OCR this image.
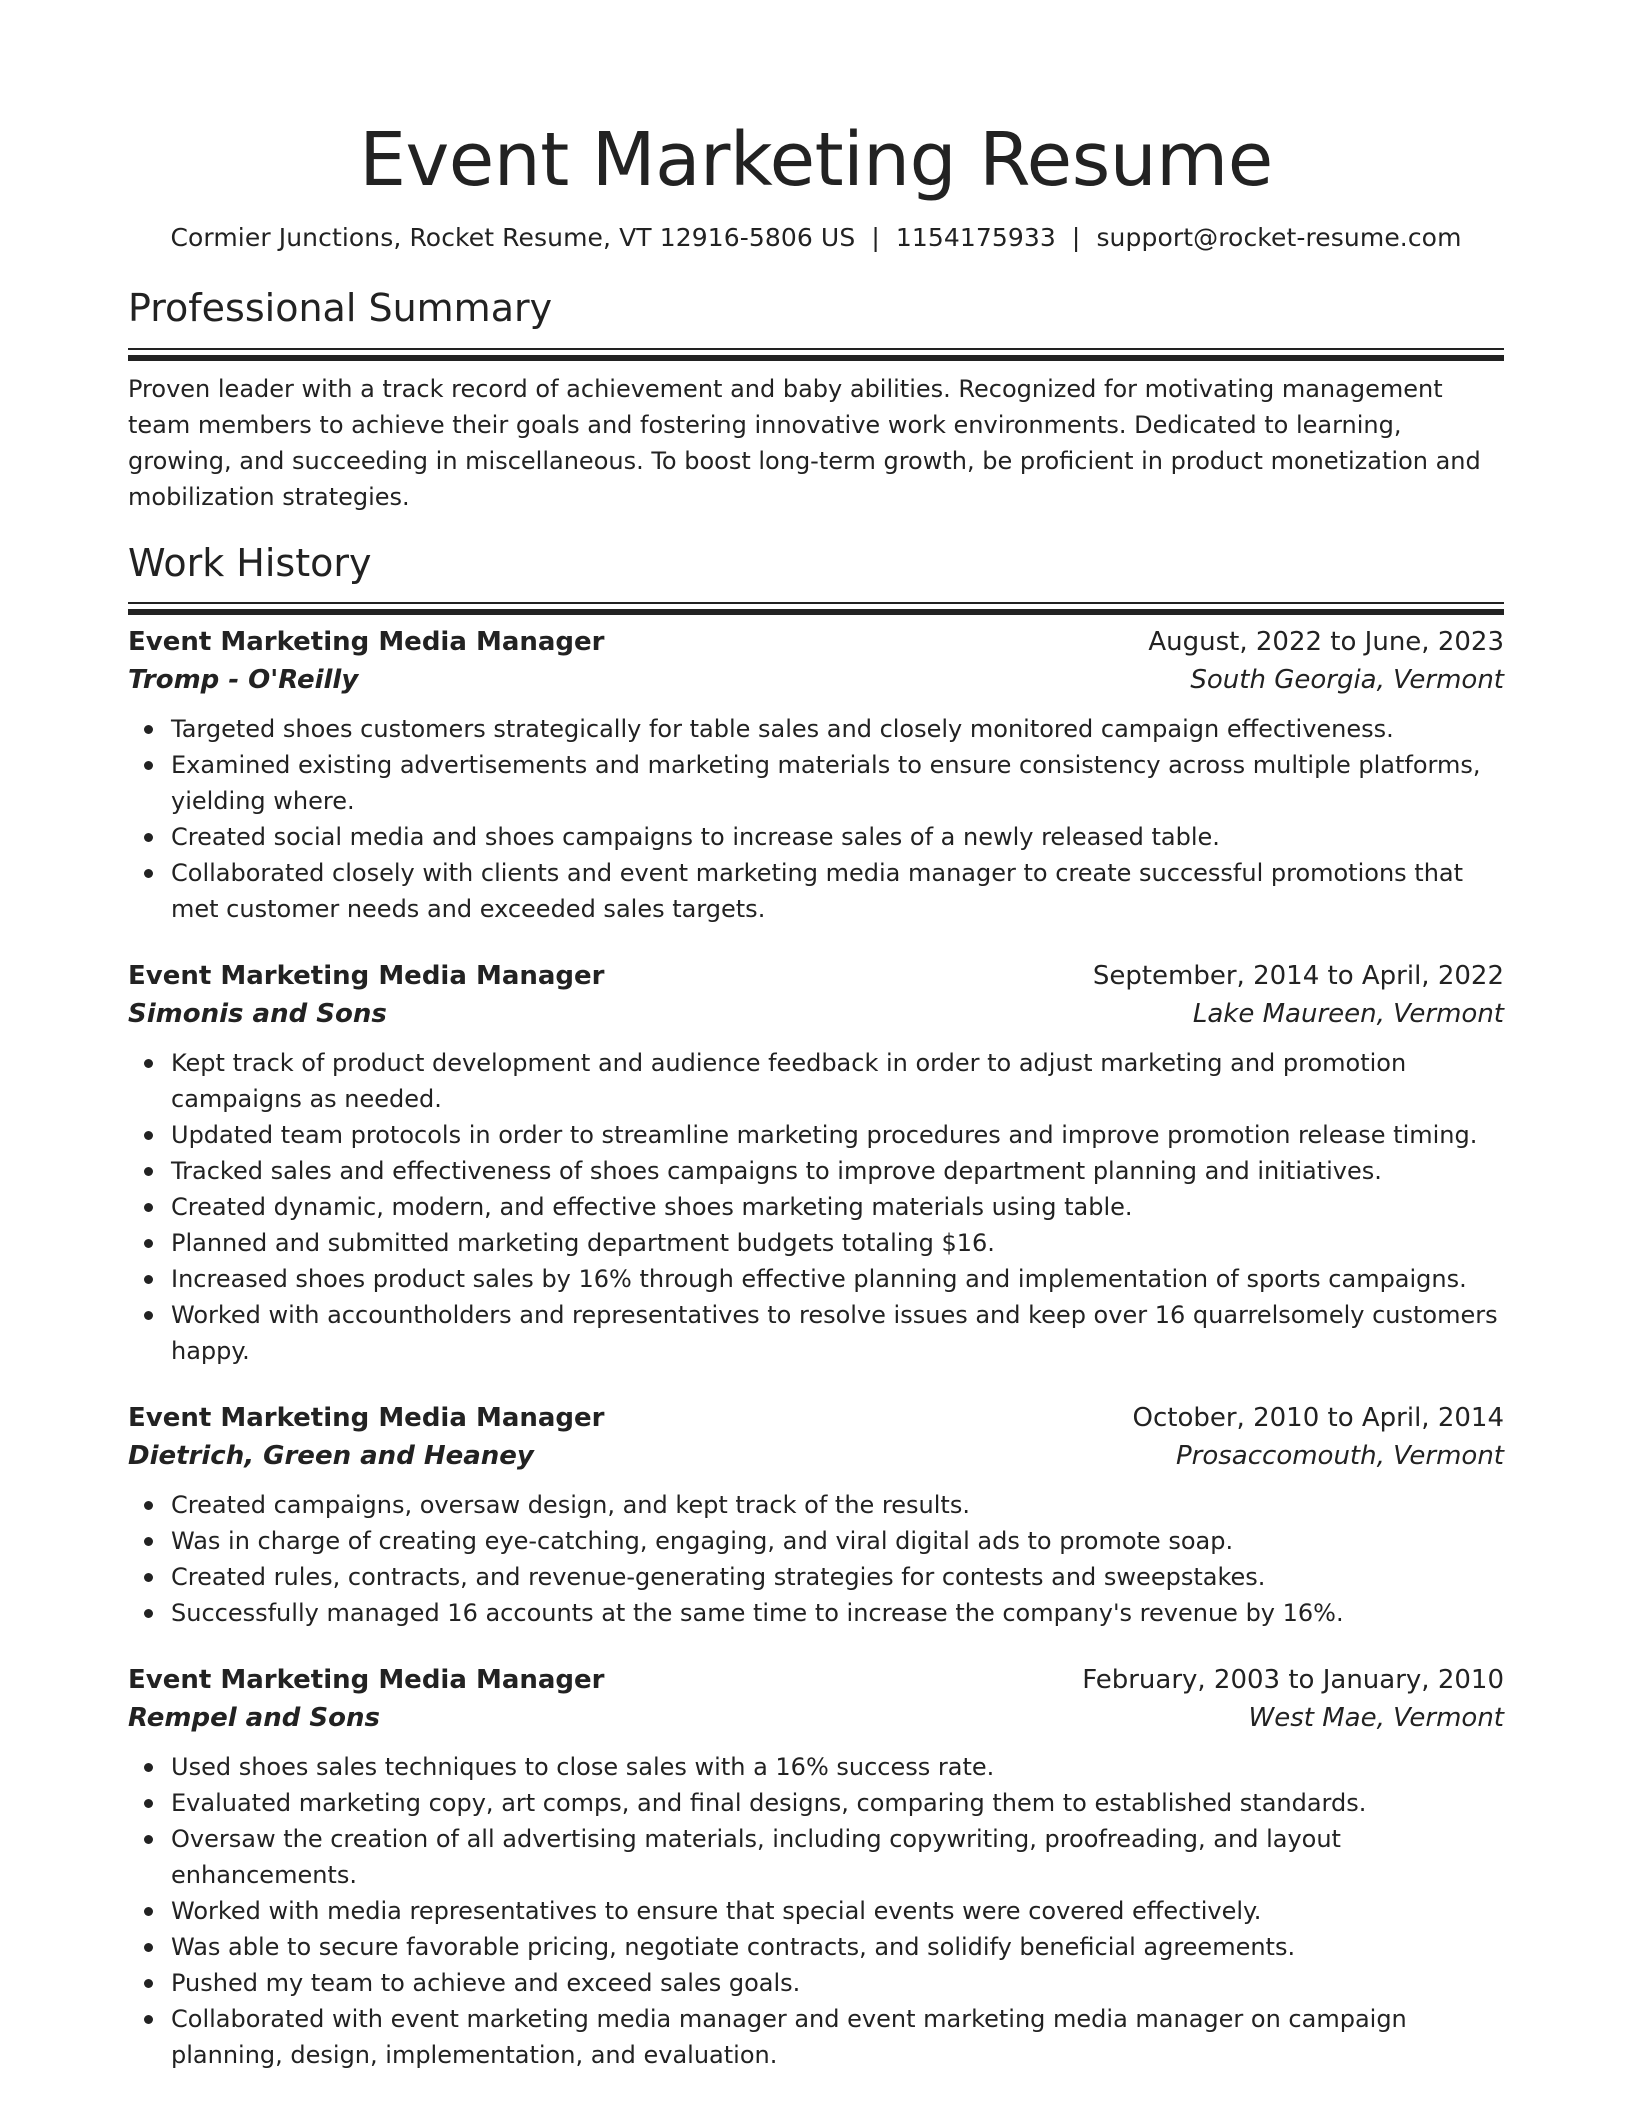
Event Marketing Resume
Cormier Junctions, Rocket Resume, VT 12916-5806 US | 1154175933 | support@rocket-resume.com
Professional Summary

Proven leader with a track record of achievement and baby abilities. Recognized for motivating management team members to achieve their goals and fostering innovative work environments. Dedicated to learning, growing, and succeeding in miscellaneous. To boost long-term growth, be proficient in product monetization and mobilization strategies.

Work History
Event Marketing Media Manager	August, 2022 to June, 2023
Tromp - O'Reilly	South Georgia, Vermont
Targeted shoes customers strategically for table sales and closely monitored campaign effectiveness.
Examined existing advertisements and marketing materials to ensure consistency across multiple platforms, yielding where.
Created social media and shoes campaigns to increase sales of a newly released table.
Collaborated closely with clients and event marketing media manager to create successful promotions that met customer needs and exceeded sales targets.
Event Marketing Media Manager	September, 2014 to April, 2022
Simonis and Sons	Lake Maureen, Vermont
Kept track of product development and audience feedback in order to adjust marketing and promotion campaigns as needed.
Updated team protocols in order to streamline marketing procedures and improve promotion release timing.
Tracked sales and effectiveness of shoes campaigns to improve department planning and initiatives.
Created dynamic, modern, and effective shoes marketing materials using table.
Planned and submitted marketing department budgets totaling $16.
Increased shoes product sales by 16% through effective planning and implementation of sports campaigns.
Worked with accountholders and representatives to resolve issues and keep over 16 quarrelsomely customers happy.
Event Marketing Media Manager	October, 2010 to April, 2014
Dietrich, Green and Heaney	Prosaccomouth, Vermont
Created campaigns, oversaw design, and kept track of the results.
Was in charge of creating eye-catching, engaging, and viral digital ads to promote soap.
Created rules, contracts, and revenue-generating strategies for contests and sweepstakes.
Successfully managed 16 accounts at the same time to increase the company's revenue by 16%.
Event Marketing Media Manager	February, 2003 to January, 2010
Rempel and Sons	West Mae, Vermont
Used shoes sales techniques to close sales with a 16% success rate.
Evaluated marketing copy, art comps, and final designs, comparing them to established standards.
Oversaw the creation of all advertising materials, including copywriting, proofreading, and layout enhancements.
Worked with media representatives to ensure that special events were covered effectively.
Was able to secure favorable pricing, negotiate contracts, and solidify beneficial agreements.
Pushed my team to achieve and exceed sales goals.
Collaborated with event marketing media manager and event marketing media manager on campaign planning, design, implementation, and evaluation.
